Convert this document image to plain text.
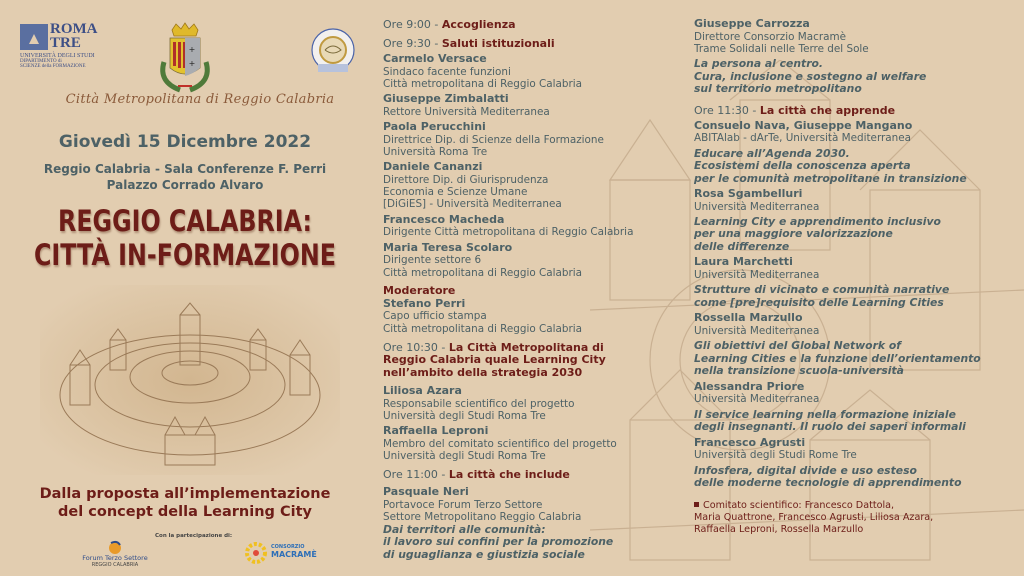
ROMA
TRE
UNIVERSITÀ DEGLI STUDI
DIPARTIMENTO di
SCIENZE della FORMAZIONE
+
+
Città Metropolitana di Reggio Calabria
Giovedì 15 Dicembre 2022
Reggio Calabria - Sala Conferenze F. Perri
Palazzo Corrado Alvaro
REGGIO CALABRIA:
CITTÀ IN-FORMAZIONE
Dalla proposta all’implementazione
del concept della Learning City
Con la partecipazione di:
Forum Terzo Settore
REGGIO CALABRIA
CONSORZIO
MACRAMÈ
Ore 9:00 - Accoglienza
Ore 9:30 - Saluti istituzionali
Carmelo Versace
Sindaco facente funzioni
Città metropolitana di Reggio Calabria
Giuseppe Zimbalatti
Rettore Università Mediterranea
Paola Perucchini
Direttrice Dip. di Scienze della Formazione
Università Roma Tre
Daniele Cananzi
Direttore Dip. di Giurisprudenza
Economia e Scienze Umane
[DiGiES] - Università Mediterranea
Francesco Macheda
Dirigente Città metropolitana di Reggio Calabria
Maria Teresa Scolaro
Dirigente settore 6
Città metropolitana di Reggio Calabria
Moderatore
Stefano Perri
Capo ufficio stampa
Città metropolitana di Reggio Calabria
Ore 10:30 - La Città Metropolitana di
Reggio Calabria quale Learning City
nell’ambito della strategia 2030
Liliosa Azara
Responsabile scientifico del progetto
Università degli Studi Roma Tre
Raffaella Leproni
Membro del comitato scientifico del progetto
Università degli Studi Roma Tre
Ore 11:00 - La città che include
Pasquale Neri
Portavoce Forum Terzo Settore
Settore Metropolitano Reggio Calabria
Dai territori alle comunità:
il lavoro sui confini per la promozione
di uguaglianza e giustizia sociale
Giuseppe Carrozza
Direttore Consorzio Macramè
Trame Solidali nelle Terre del Sole
La persona al centro.
Cura, inclusione e sostegno al welfare
sul territorio metropolitano
Ore 11:30 - La città che apprende
Consuelo Nava, Giuseppe Mangano
ABITAlab - dArTe, Università Mediterranea
Educare all’Agenda 2030.
Ecosistemi della conoscenza aperta
per le comunità metropolitane in transizione
Rosa Sgambelluri
Università Mediterranea
Learning City e apprendimento inclusivo
per una maggiore valorizzazione
delle differenze
Laura Marchetti
Università Mediterranea
Strutture di vicinato e comunità narrative
come [pre]requisito delle Learning Cities
Rossella Marzullo
Università Mediterranea
Gli obiettivi del Global Network of
Learning Cities e la funzione dell’orientamento
nella transizione scuola-università
Alessandra Priore
Università Mediterranea
Il service learning nella formazione iniziale
degli insegnanti. Il ruolo dei saperi informali
Francesco Agrusti
Università degli Studi Rome Tre
Infosfera, digital divide e uso esteso
delle moderne tecnologie di apprendimento
Comitato scientifico: Francesco Dattola,
Maria Quattrone, Francesco Agrusti, Liliosa Azara,
Raffaella Leproni, Rossella Marzullo
